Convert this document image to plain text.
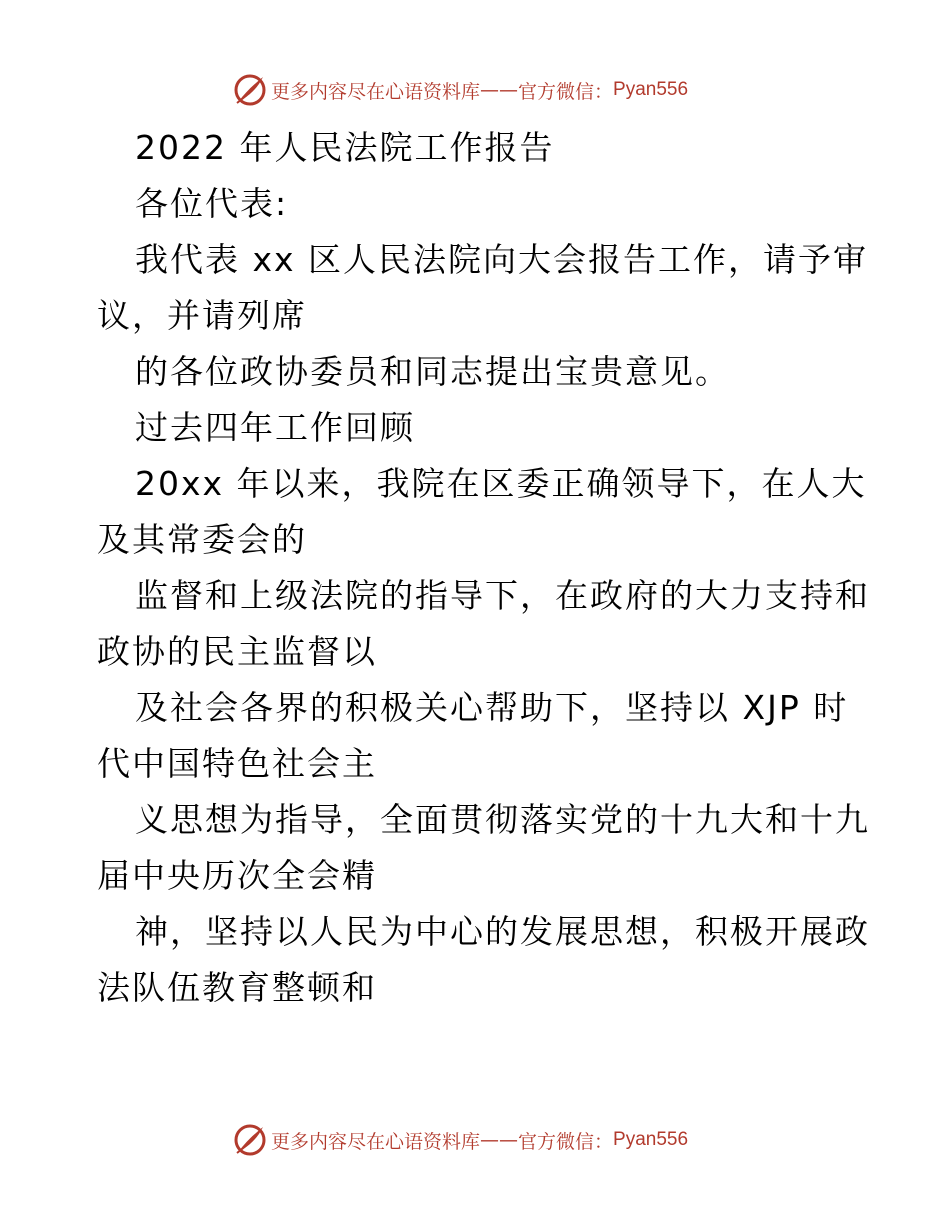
更多内容尽在心语资料库 —— 官方微信： Pyan556
2022 年人民法院工作报告
各位代表:
我代表 xx 区人民法院向大会报告工作，请予审
议，并请列席
的各位政协委员和同志提出宝贵意见。
过去四年工作回顾
20xx 年以来，我院在区委正确领导下，在人大
及其常委会的
监督和上级法院的指导下，在政府的大力支持和
政协的民主监督以
及社会各界的积极关心帮助下，坚持以 XJP 时
代中国特色社会主
义思想为指导，全面贯彻落实党的十九大和十九
届中央历次全会精
神，坚持以人民为中心的发展思想，积极开展政
法队伍教育整顿和
更多内容尽在心语资料库 —— 官方微信： Pyan556
